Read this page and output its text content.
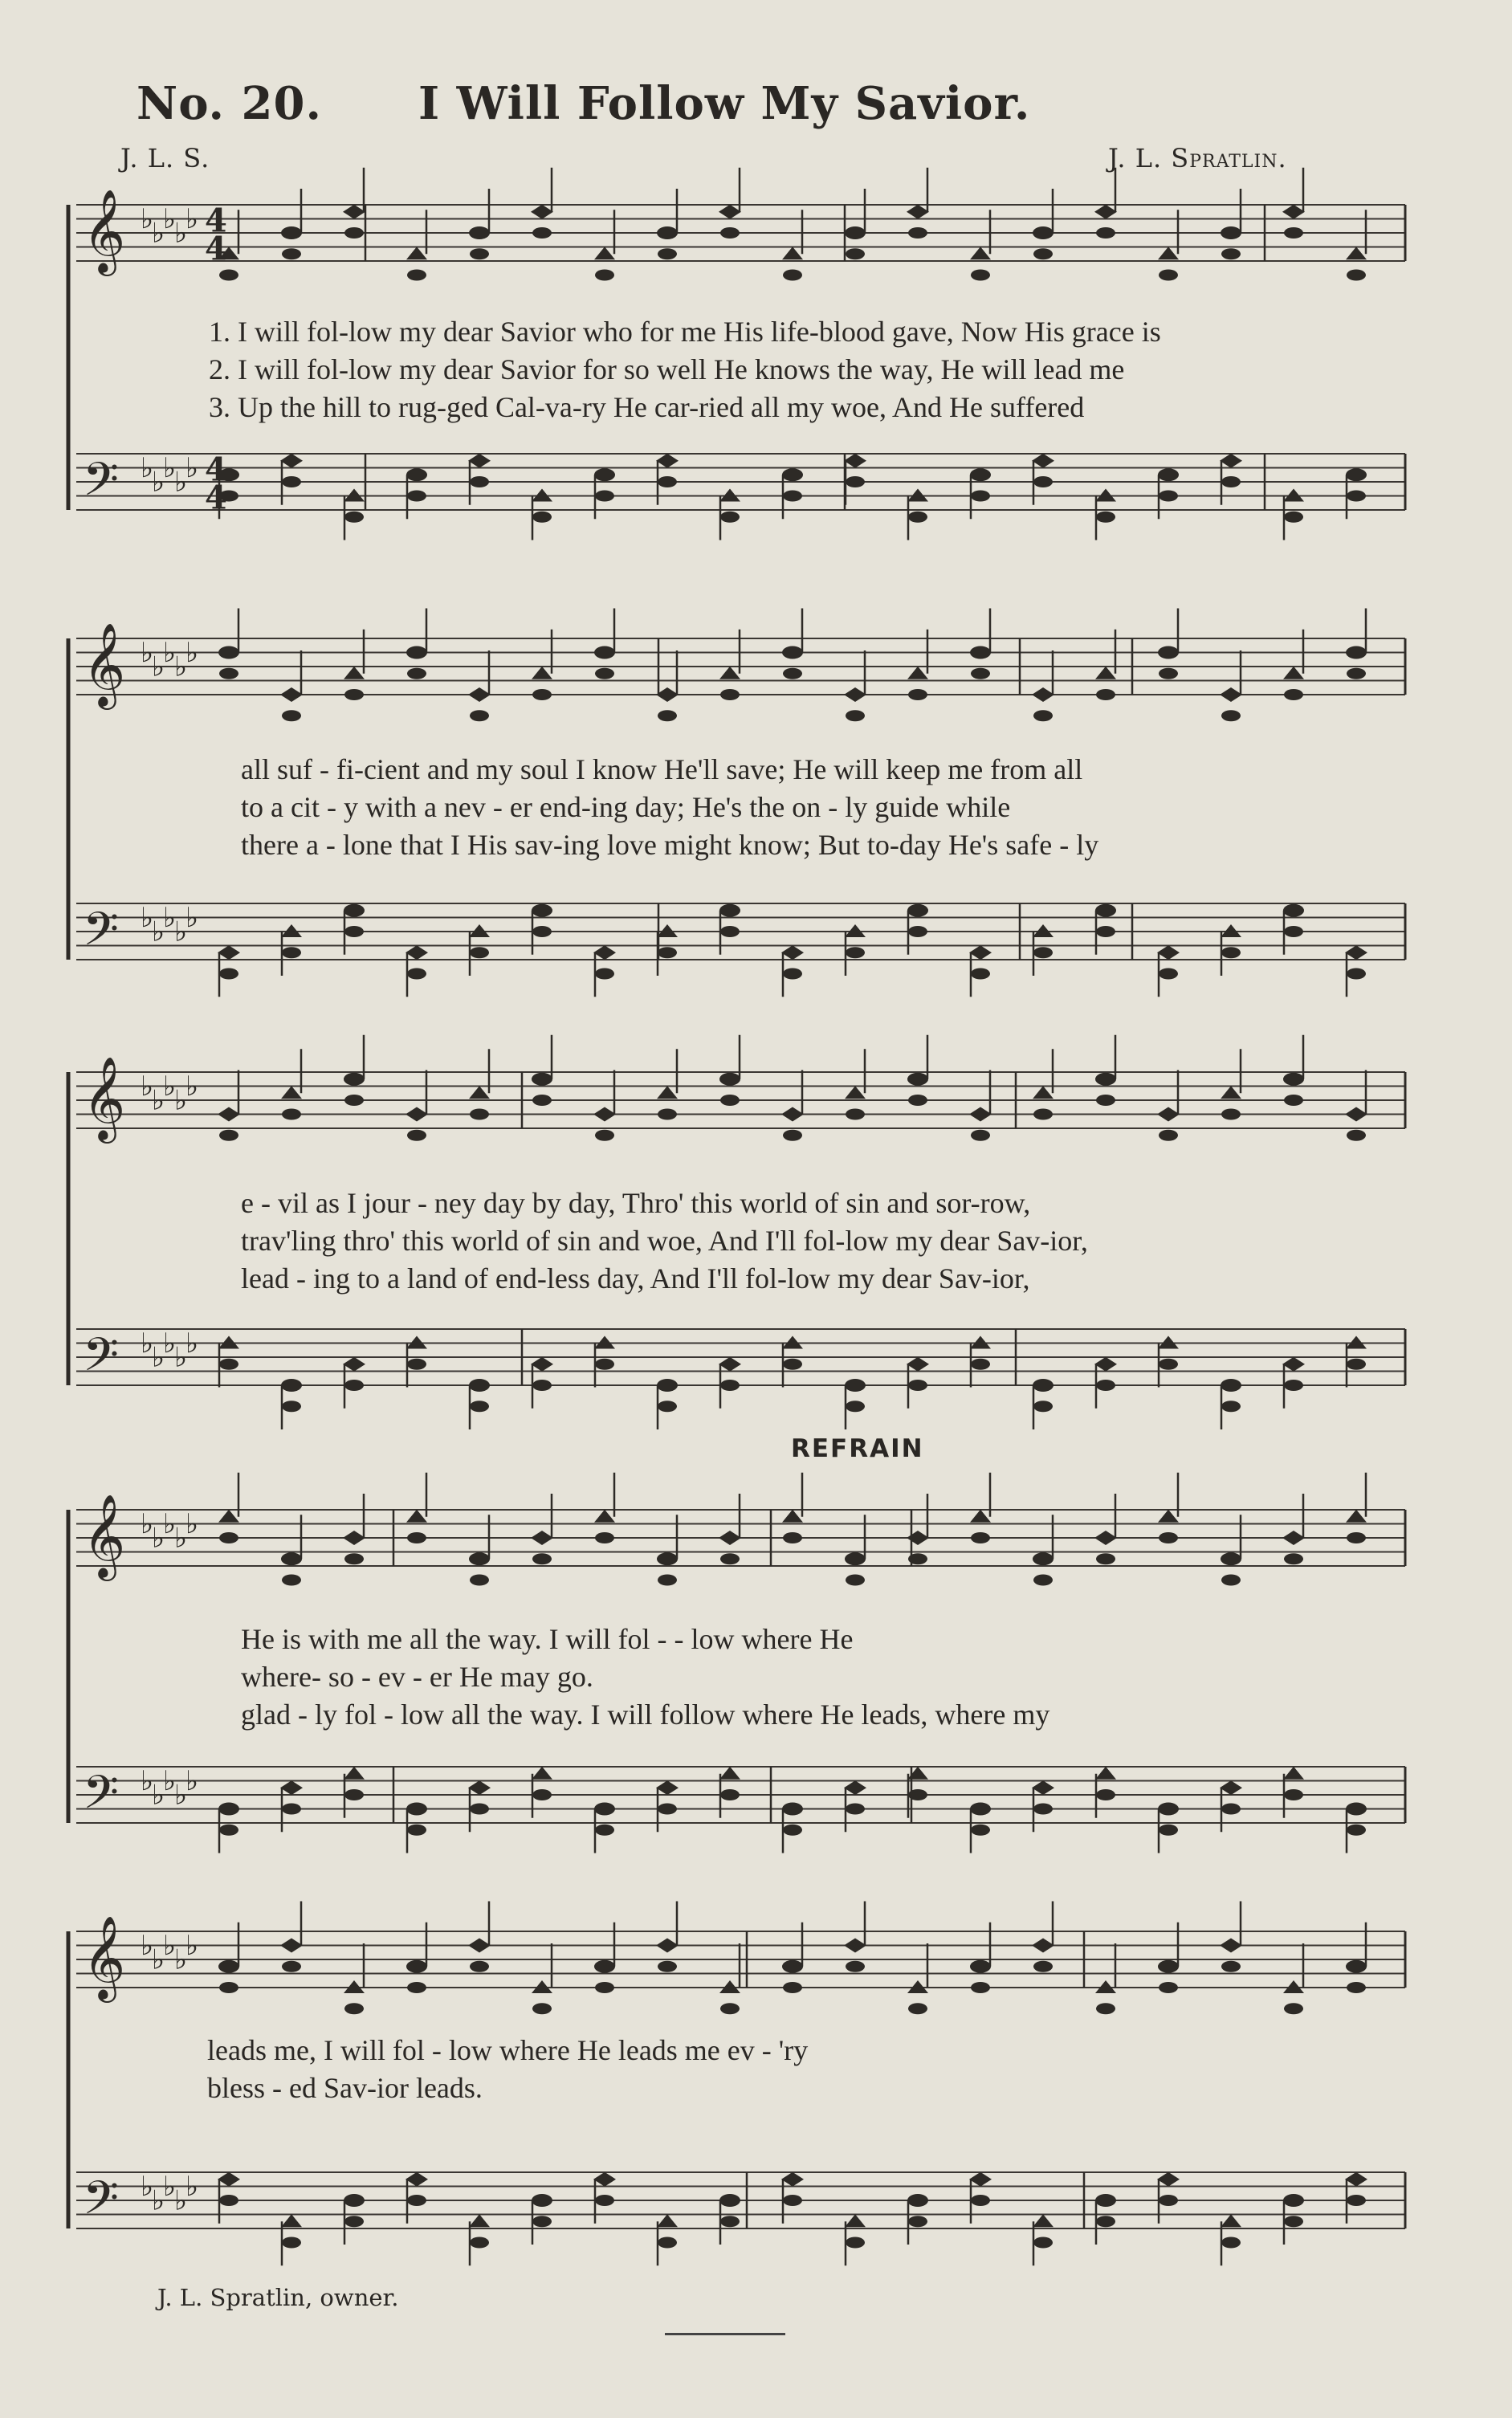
No. 20. I Will Follow My Savior.
J. L. S.	J. L. Spratlin.
𝄞 ♭
♭
♭
♭
♭
𝄢 ♭
♭
♭
♭
♭
4
4
4
4
𝄞 ♭
♭
♭
♭
♭
𝄢 ♭
♭
♭
♭
♭
𝄞 ♭
♭
♭
♭
♭
𝄢 ♭
♭
♭
♭
♭
𝄞 ♭
♭
♭
♭
♭
𝄢 ♭
♭
♭
♭
♭
𝄞 ♭
♭
♭
♭
♭
𝄢 ♭
♭
♭
♭
♭
1. I will fol-low my dear Savior who for me His life-blood gave, Now His grace is
2. I will fol-low my dear Savior for so well He knows the way, He will lead me
3. Up the hill to rug-ged Cal-va-ry He car-ried all my woe, And He suffered
all suf - fi-cient and my soul I know He'll save; He will keep me from all
to a cit - y with a nev - er end-ing day; He's the on - ly guide while
there a - lone that I His sav-ing love might know; But to-day He's safe - ly
e - vil as I jour - ney day by day, Thro' this world of sin and sor-row,
trav'ling thro' this world of sin and woe, And I'll fol-low my dear Sav-ior,
lead - ing to a land of end-less day, And I'll fol-low my dear Sav-ior,
REFRAIN
He is with me all the way. I will fol - - low where He
where- so - ev - er He may go.
glad - ly fol - low all the way. I will follow where He leads, where my
leads me, I will fol - low where He leads me ev - 'ry
bless - ed Sav-ior leads.
J. L. Spratlin, owner.
